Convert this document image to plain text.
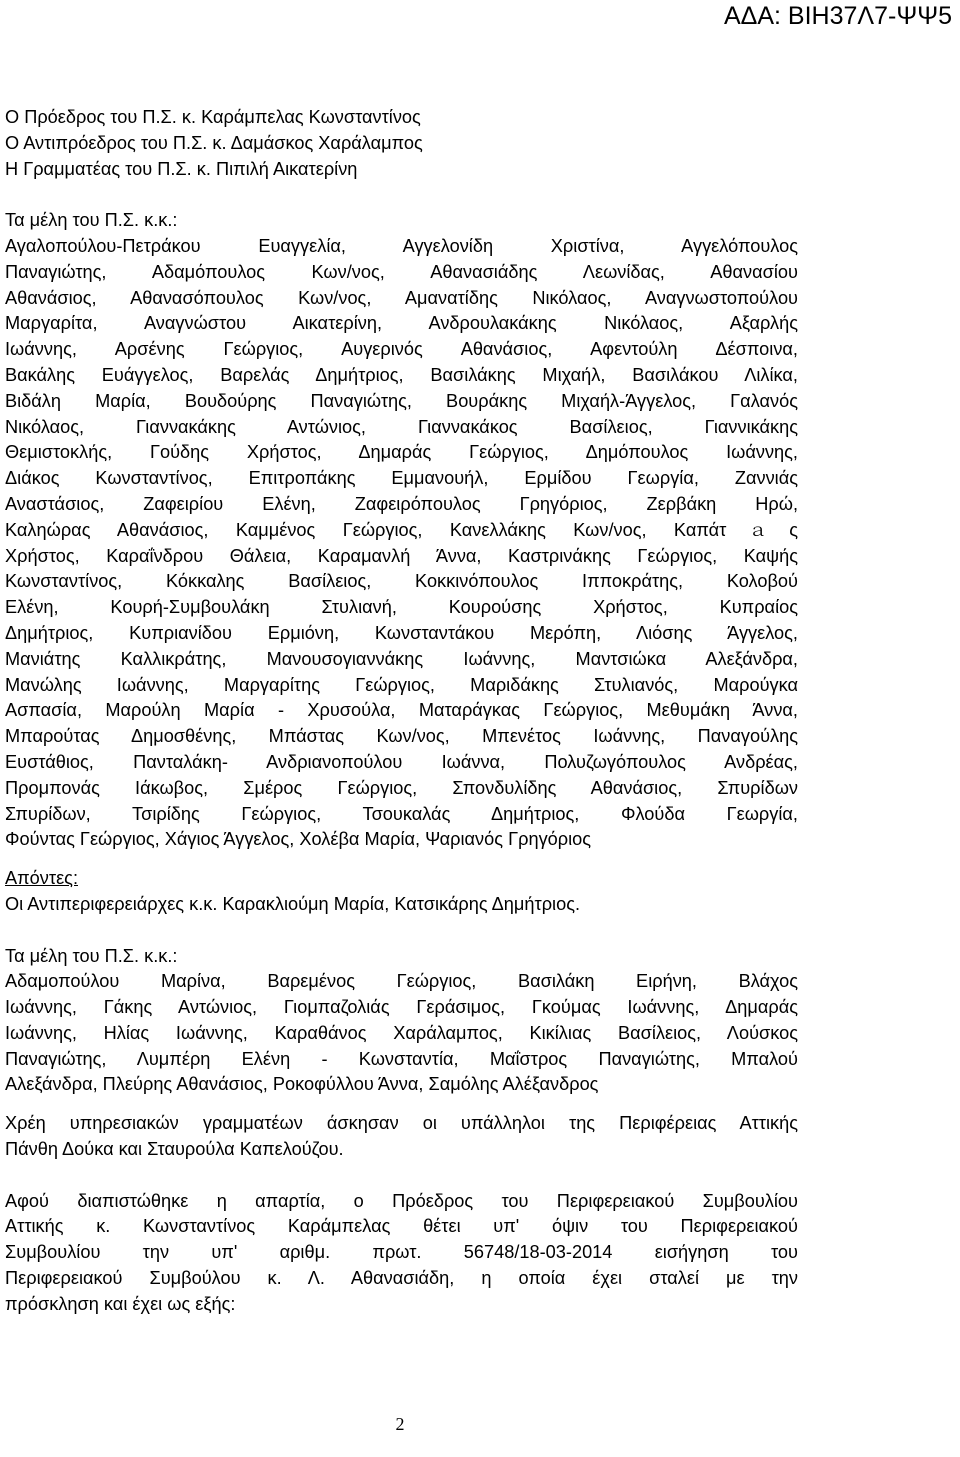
ΑΔΑ: ΒΙΗ37Λ7-ΨΨ5
Ο Πρόεδρος του Π.Σ. κ. Καράμπελας Κωνσταντίνος
Ο Αντιπρόεδρος του Π.Σ. κ. Δαμάσκος Χαράλαμπος
Η Γραμματέας του Π.Σ. κ. Πιπιλή Αικατερίνη
Τα μέλη του Π.Σ. κ.κ.:
Αγαλοπούλου-Πετράκου Ευαγγελία, Αγγελονίδη Χριστίνα, Αγγελόπουλος
Παναγιώτης, Αδαμόπουλος Κων/νος, Αθανασιάδης Λεωνίδας, Αθανασίου
Αθανάσιος, Αθανασόπουλος Κων/νος, Αμανατίδης Νικόλαος, Αναγνωστοπούλου
Μαργαρίτα, Αναγνώστου Αικατερίνη, Ανδρουλακάκης Νικόλαος, Αξαρλής
Ιωάννης, Αρσένης Γεώργιος, Αυγερινός Αθανάσιος, Αφεντούλη Δέσποινα,
Βακάλης Ευάγγελος, Βαρελάς Δημήτριος, Βασιλάκης Μιχαήλ, Βασιλάκου Λιλίκα,
Βιδάλη Μαρία, Βουδούρης Παναγιώτης, Βουράκης Μιχαήλ-Άγγελος, Γαλανός
Νικόλαος, Γιαννακάκης Αντώνιος, Γιαννακάκος Βασίλειος, Γιαννικάκης
Θεμιστοκλής, Γούδης Χρήστος, Δημαράς Γεώργιος, Δημόπουλος Ιωάννης,
Διάκος Κωνσταντίνος, Επιτροπάκης Εμμανουήλ, Ερμίδου Γεωργία, Ζαννιάς
Αναστάσιος, Ζαφειρίου Ελένη, Ζαφειρόπουλος Γρηγόριος, Ζερβάκη Ηρώ,
Καληώρας Αθανάσιος, Καμμένος Γεώργιος, Κανελλάκης Κων/νος, Καπάτａς
Χρήστος, Καραΐνδρου Θάλεια, Καραμανλή Άννα, Καστρινάκης Γεώργιος, Καψής
Κωνσταντίνος, Κόκκαλης Βασίλειος, Κοκκινόπουλος Ιπποκράτης, Κολοβού
Ελένη, Κουρή-Συμβουλάκη Στυλιανή, Κουρούσης Χρήστος, Κυπραίος
Δημήτριος, Κυπριανίδου Ερμιόνη, Κωνσταντάκου Μερόπη, Λιόσης Άγγελος,
Μανιάτης Καλλικράτης, Μανουσογιαννάκης Ιωάννης, Μαντσιώκα Αλεξάνδρα,
Μανώλης Ιωάννης, Μαργαρίτης Γεώργιος, Μαριδάκης Στυλιανός, Μαρούγκα
Ασπασία, Μαρούλη Μαρία - Χρυσούλα, Ματαράγκας Γεώργιος, Μεθυμάκη Άννα,
Μπαρούτας Δημοσθένης, Μπάστας Κων/νος, Μπενέτος Ιωάννης, Παναγούλης
Ευστάθιος, Πανταλάκη- Ανδριανοπούλου Ιωάννα, Πολυζωγόπουλος Ανδρέας,
Προμπονάς Ιάκωβος, Σμέρος Γεώργιος, Σπονδυλίδης Αθανάσιος, Σπυρίδων
Σπυρίδων, Τσιρίδης Γεώργιος, Τσουκαλάς Δημήτριος, Φλούδα Γεωργία,
Φούντας Γεώργιος, Χάγιος Άγγελος, Χολέβα Μαρία, Ψαριανός Γρηγόριος
Απόντες:
Οι Αντιπεριφερειάρχες κ.κ. Καρακλιούμη Μαρία, Κατσικάρης Δημήτριος.
Τα μέλη του Π.Σ. κ.κ.:
Αδαμοπούλου Μαρίνα, Βαρεμένος Γεώργιος, Βασιλάκη Ειρήνη, Βλάχος
Ιωάννης, Γάκης Αντώνιος, Γιομπαζολιάς Γεράσιμος, Γκούμας Ιωάννης, Δημαράς
Ιωάννης, Ηλίας Ιωάννης, Καραθάνος Χαράλαμπος, Κικίλιας Βασίλειος, Λούσκος
Παναγιώτης, Λυμπέρη Ελένη - Κωνσταντία, Μαΐστρος Παναγιώτης, Μπαλού
Αλεξάνδρα, Πλεύρης Αθανάσιος, Ροκοφύλλου Άννα, Σαμόλης Αλέξανδρος
Χρέη υπηρεσιακών γραμματέων άσκησαν οι υπάλληλοι της Περιφέρειας Αττικής
Πάνθη Δούκα και Σταυρούλα Καπελούζου.
Αφού διαπιστώθηκε η απαρτία, ο Πρόεδρος του Περιφερειακού Συμβουλίου
Αττικής κ. Κωνσταντίνος Καράμπελας θέτει υπ' όψιν του Περιφερειακού
Συμβουλίου την υπ' αριθμ. πρωτ. 56748/18-03-2014 εισήγηση του
Περιφερειακού Συμβούλου κ. Λ. Αθανασιάδη, η οποία έχει σταλεί με την
πρόσκληση και έχει ως εξής:
2
